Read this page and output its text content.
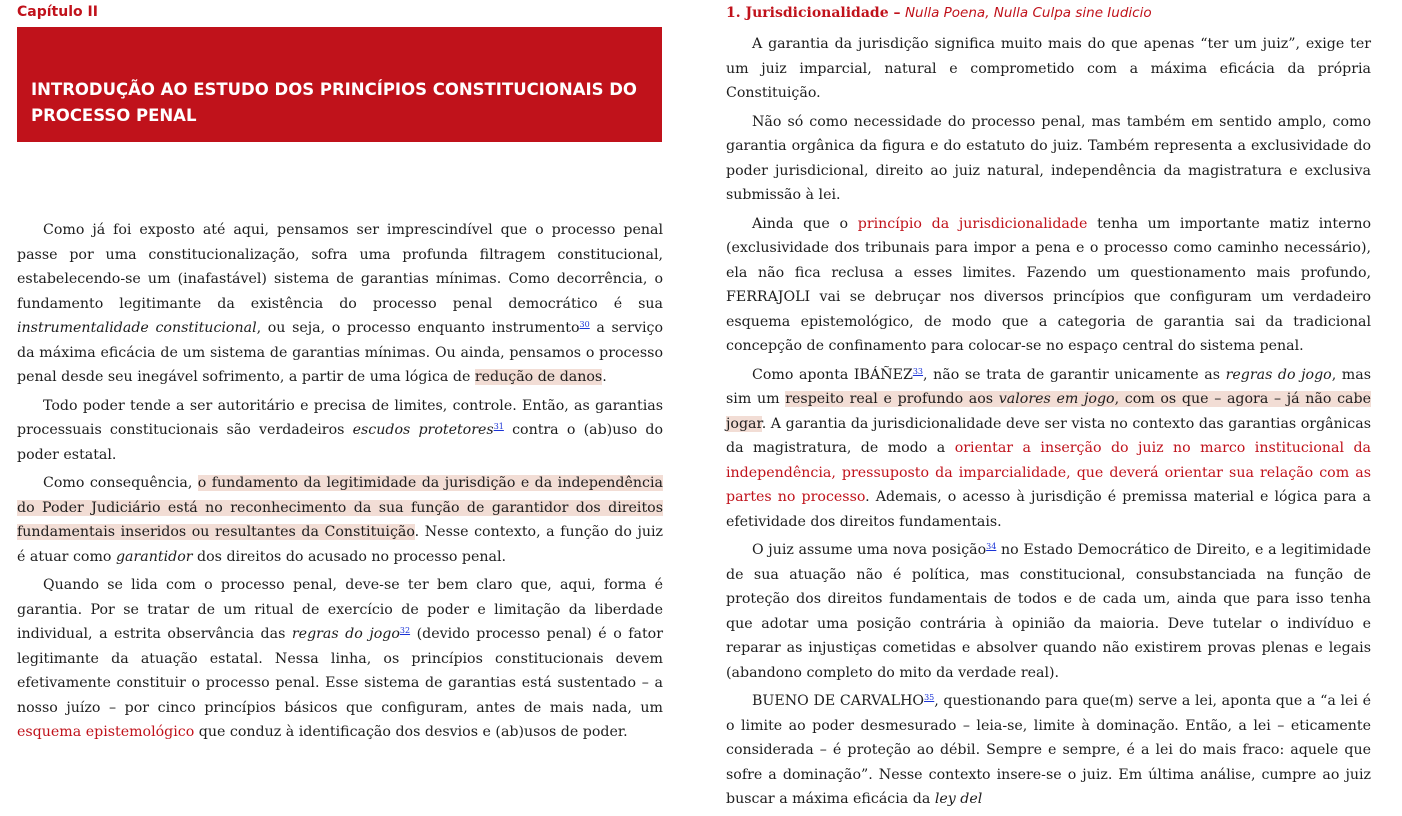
Capítulo II
INTRODUÇÃO AO ESTUDO DOS PRINCÍPIOS CONSTITUCIONAIS DO PROCESSO PENAL

Como já foi exposto até aqui, pensamos ser imprescindível que o processo penal passe por uma constitucionalização, sofra uma profunda filtragem constitucional, estabelecendo-se um (inafastável) sistema de garantias mínimas. Como decorrência, o fundamento legitimante da existência do processo penal democrático é sua instrumentalidade constitucional, ou seja, o processo enquanto instrumento$^{30}$ a serviço da máxima eficácia de um sistema de garantias mínimas. Ou ainda, pensamos o processo penal desde seu inegável sofrimento, a partir de uma lógica de redução de danos.

Todo poder tende a ser autoritário e precisa de limites, controle. Então, as garantias processuais constitucionais são verdadeiros escudos protetores$^{31}$ contra o (ab)uso do poder estatal.

Como consequência, o fundamento da legitimidade da jurisdição e da independência do Poder Judiciário está no reconhecimento da sua função de garantidor dos direitos fundamentais inseridos ou resultantes da Constituição. Nesse contexto, a função do juiz é atuar como garantidor dos direitos do acusado no processo penal.

Quando se lida com o processo penal, deve-se ter bem claro que, aqui, forma é garantia. Por se tratar de um ritual de exercício de poder e limitação da liberdade individual, a estrita observância das regras do jogo$^{32}$ (devido processo penal) é o fator legitimante da atuação estatal. Nessa linha, os princípios constitucionais devem efetivamente constituir o processo penal. Esse sistema de garantias está sustentado – a nosso juízo – por cinco princípios básicos que configuram, antes de mais nada, um esquema epistemológico que conduz à identificação dos desvios e (ab)usos de poder.

1. Jurisdicionalidade – Nulla Poena, Nulla Culpa sine Iudicio

A garantia da jurisdição significa muito mais do que apenas “ter um juiz”, exige ter um juiz imparcial, natural e comprometido com a máxima eficácia da própria Constituição.

Não só como necessidade do processo penal, mas também em sentido amplo, como garantia orgânica da figura e do estatuto do juiz. Também representa a exclusividade do poder jurisdicional, direito ao juiz natural, independência da magistratura e exclusiva submissão à lei.

Ainda que o princípio da jurisdicionalidade tenha um importante matiz interno (exclusividade dos tribunais para impor a pena e o processo como caminho necessário), ela não fica reclusa a esses limites. Fazendo um questionamento mais profundo, FERRAJOLI vai se debruçar nos diversos princípios que configuram um verdadeiro esquema epistemológico, de modo que a categoria de garantia sai da tradicional concepção de confinamento para colocar-se no espaço central do sistema penal.

Como aponta IBÁÑEZ$^{33}$, não se trata de garantir unicamente as regras do jogo, mas sim um respeito real e profundo aos valores em jogo, com os que – agora – já não cabe jogar. A garantia da jurisdicionalidade deve ser vista no contexto das garantias orgânicas da magistratura, de modo a orientar a inserção do juiz no marco institucional da independência, pressuposto da imparcialidade, que deverá orientar sua relação com as partes no processo. Ademais, o acesso à jurisdição é premissa material e lógica para a efetividade dos direitos fundamentais.

O juiz assume uma nova posição$^{34}$ no Estado Democrático de Direito, e a legitimidade de sua atuação não é política, mas constitucional, consubstanciada na função de proteção dos direitos fundamentais de todos e de cada um, ainda que para isso tenha que adotar uma posição contrária à opinião da maioria. Deve tutelar o indivíduo e reparar as injustiças cometidas e absolver quando não existirem provas plenas e legais (abandono completo do mito da verdade real).

BUENO DE CARVALHO$^{35}$, questionando para que(m) serve a lei, aponta que a “a lei é o limite ao poder desmesurado – leia-se, limite à dominação. Então, a lei – eticamente considerada – é proteção ao débil. Sempre e sempre, é a lei do mais fraco: aquele que sofre a dominação”. Nesse contexto insere-se o juiz. Em última análise, cumpre ao juiz buscar a máxima eficácia da ley del
